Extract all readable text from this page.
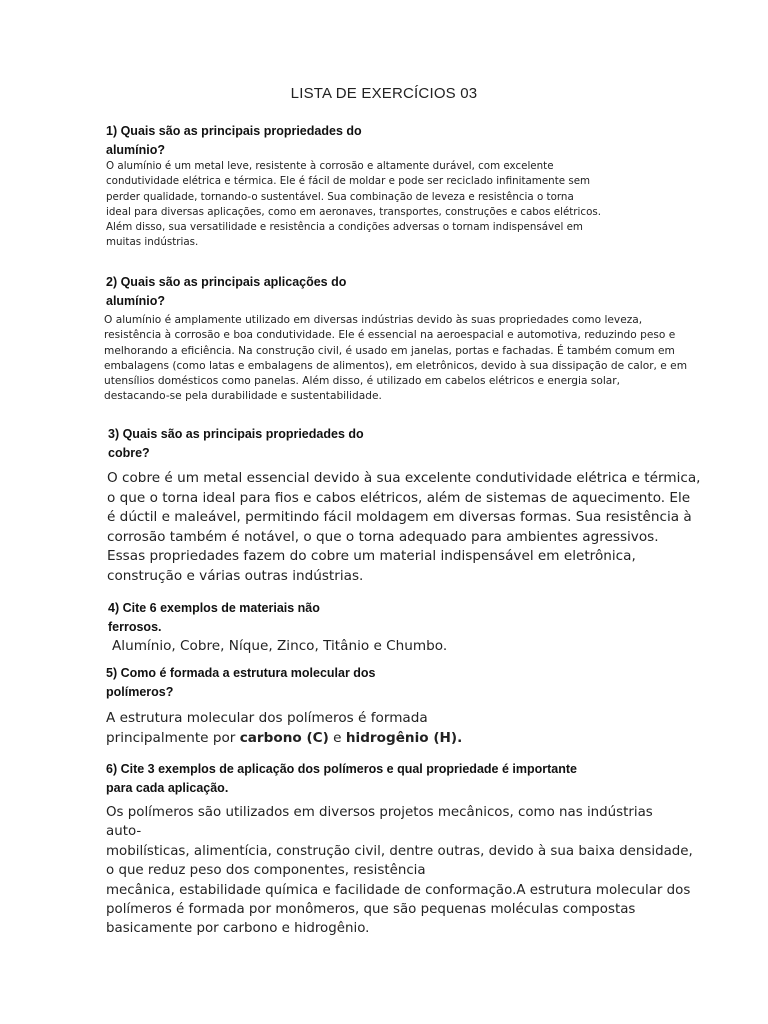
LISTA DE EXERCÍCIOS 03
1) Quais são as principais propriedades do
alumínio?
O alumínio é um metal leve, resistente à corrosão e altamente durável, com excelente
condutividade elétrica e térmica. Ele é fácil de moldar e pode ser reciclado infinitamente sem
perder qualidade, tornando-o sustentável. Sua combinação de leveza e resistência o torna
ideal para diversas aplicações, como em aeronaves, transportes, construções e cabos elétricos.
Além disso, sua versatilidade e resistência a condições adversas o tornam indispensável em
muitas indústrias.
2) Quais são as principais aplicações do
alumínio?
O alumínio é amplamente utilizado em diversas indústrias devido às suas propriedades como leveza,
resistência à corrosão e boa condutividade. Ele é essencial na aeroespacial e automotiva, reduzindo peso e
melhorando a eficiência. Na construção civil, é usado em janelas, portas e fachadas. É também comum em
embalagens (como latas e embalagens de alimentos), em eletrônicos, devido à sua dissipação de calor, e em
utensílios domésticos como panelas. Além disso, é utilizado em cabelos elétricos e energia solar,
destacando-se pela durabilidade e sustentabilidade.
3) Quais são as principais propriedades do
cobre?
O cobre é um metal essencial devido à sua excelente condutividade elétrica e térmica,
o que o torna ideal para fios e cabos elétricos, além de sistemas de aquecimento. Ele
é dúctil e maleável, permitindo fácil moldagem em diversas formas. Sua resistência à
corrosão também é notável, o que o torna adequado para ambientes agressivos.
Essas propriedades fazem do cobre um material indispensável em eletrônica,
construção e várias outras indústrias.
4) Cite 6 exemplos de materiais não
ferrosos.
Alumínio, Cobre, Níque, Zinco, Titânio e Chumbo.
5) Como é formada a estrutura molecular dos
polímeros?
A estrutura molecular dos polímeros é formada
principalmente por carbono (C) e hidrogênio (H).
6) Cite 3 exemplos de aplicação dos polímeros e qual propriedade é importante
para cada aplicação.
Os polímeros são utilizados em diversos projetos mecânicos, como nas indústrias
auto-
mobilísticas, alimentícia, construção civil, dentre outras, devido à sua baixa densidade,
o que reduz peso dos componentes, resistência
mecânica, estabilidade química e facilidade de conformação.A estrutura molecular dos
polímeros é formada por monômeros, que são pequenas moléculas compostas
basicamente por carbono e hidrogênio.
